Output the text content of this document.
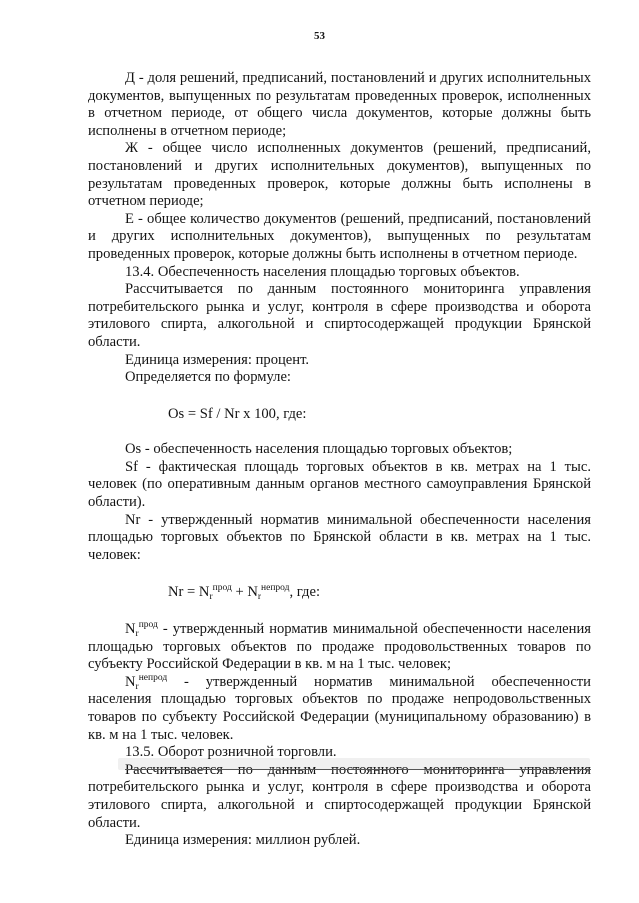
53

Д - доля решений, предписаний, постановлений и других исполнительных документов, выпущенных по результатам проведенных проверок, исполненных в отчетном периоде, от общего числа документов, которые должны быть исполнены в отчетном периоде;

Ж - общее число исполненных документов (решений, предписаний, постановлений и других исполнительных документов), выпущенных по результатам проведенных проверок, которые должны быть исполнены в отчетном периоде;

Е - общее количество документов (решений, предписаний, постановлений и других исполнительных документов), выпущенных по результатам проведенных проверок, которые должны быть исполнены в отчетном периоде.

13.4. Обеспеченность населения площадью торговых объектов.

Рассчитывается по данным постоянного мониторинга управления потребительского рынка и услуг, контроля в сфере производства и оборота этилового спирта, алкогольной и спиртосодержащей продукции Брянской области.

Единица измерения: процент.

Определяется по формуле:

Os = Sf / Nr x 100, где:

Os - обеспеченность населения площадью торговых объектов;

Sf - фактическая площадь торговых объектов в кв. метрах на 1 тыс. человек (по оперативным данным органов местного самоуправления Брянской области).

Nr - утвержденный норматив минимальной обеспеченности населения площадью торговых объектов по Брянской области в кв. метрах на 1 тыс. человек:

$Nr = N_r^{прод} + N_r^{непрод}$, где:

$N_r^{прод}$ - утвержденный норматив минимальной обеспеченности населения площадью торговых объектов по продаже продовольственных товаров по субъекту Российской Федерации в кв. м на 1 тыс. человек;

$N_r^{непрод}$ - утвержденный норматив минимальной обеспеченности населения площадью торговых объектов по продаже непродовольственных товаров по субъекту Российской Федерации (муниципальному образованию) в кв. м на 1 тыс. человек.

13.5. Оборот розничной торговли.

Рассчитывается по данным постоянного мониторинга управления потребительского рынка и услуг, контроля в сфере производства и оборота этилового спирта, алкогольной и спиртосодержащей продукции Брянской области.

Единица измерения: миллион рублей.
